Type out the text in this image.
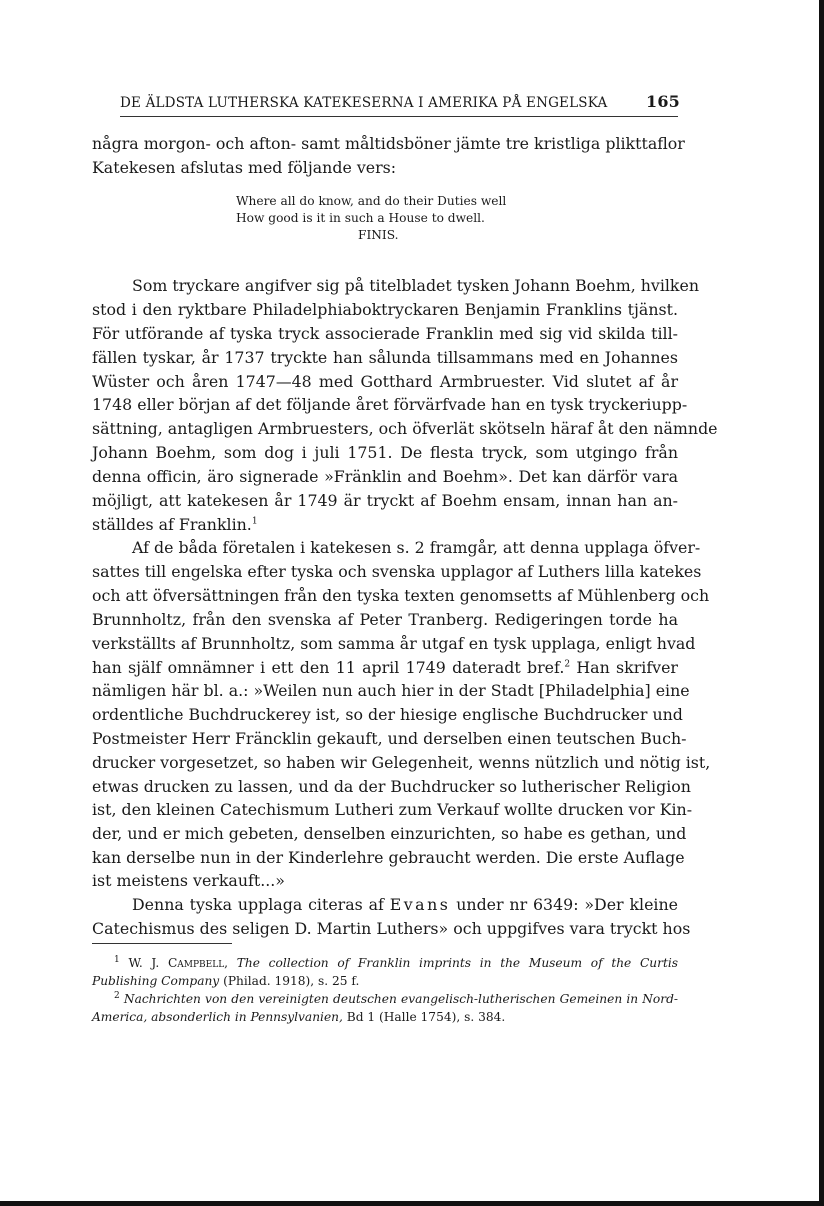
DE ÄLDSTA LUTHERSKA KATEKESERNA I AMERIKA PÅ ENGELSKA 165
några morgon- och afton- samt måltidsböner jämte tre kristliga plikttaflor
Katekesen afslutas med följande vers:
Where all do know, and do their Duties well
How good is it in such a House to dwell.
FINIS.
Som tryckare angifver sig på titelbladet tysken Johann Boehm, hvilken
stod i den ryktbare Philadelphiaboktryckaren Benjamin Franklins tjänst.
För utförande af tyska tryck associerade Franklin med sig vid skilda till-
fällen tyskar, år 1737 tryckte han sålunda tillsammans med en Johannes
Wüster och åren 1747—48 med Gotthard Armbruester. Vid slutet af år
1748 eller början af det följande året förvärfvade han en tysk tryckeriupp-
sättning, antagligen Armbruesters, och öfverlät skötseln häraf åt den nämnde
Johann Boehm, som dog i juli 1751. De flesta tryck, som utgingo från
denna officin, äro signerade »Fränklin and Boehm». Det kan därför vara
möjligt, att katekesen år 1749 är tryckt af Boehm ensam, innan han an-
ställdes af Franklin.$^1$
Af de båda företalen i katekesen s. 2 framgår, att denna upplaga öfver-
sattes till engelska efter tyska och svenska upplagor af Luthers lilla katekes
och att öfversättningen från den tyska texten genomsetts af Mühlenberg och
Brunnholtz, från den svenska af Peter Tranberg. Redigeringen torde ha
verkställts af Brunnholtz, som samma år utgaf en tysk upplaga, enligt hvad
han själf omnämner i ett den 11 april 1749 dateradt bref.$^2$ Han skrifver
nämligen här bl. a.: »Weilen nun auch hier in der Stadt [Philadelphia] eine
ordentliche Buchdruckerey ist, so der hiesige englische Buchdrucker und
Postmeister Herr Fräncklin gekauft, und derselben einen teutschen Buch-
drucker vorgesetzet, so haben wir Gelegenheit, wenns nützlich und nötig ist,
etwas drucken zu lassen, und da der Buchdrucker so lutherischer Religion
ist, den kleinen Catechismum Lutheri zum Verkauf wollte drucken vor Kin-
der, und er mich gebeten, denselben einzurichten, so habe es gethan, und
kan derselbe nun in der Kinderlehre gebraucht werden. Die erste Auflage
ist meistens verkauft...»
Denna tyska upplaga citeras af Evans under nr 6349: »Der kleine
Catechismus des seligen D. Martin Luthers» och uppgifves vara tryckt hos
$^1$ W. J. Campbell, The collection of Franklin imprints in the Museum of the Curtis
Publishing Company (Philad. 1918), s. 25 f.
$^2$ Nachrichten von den vereinigten deutschen evangelisch-lutherischen Gemeinen in Nord-
America, absonderlich in Pennsylvanien, Bd 1 (Halle 1754), s. 384.
